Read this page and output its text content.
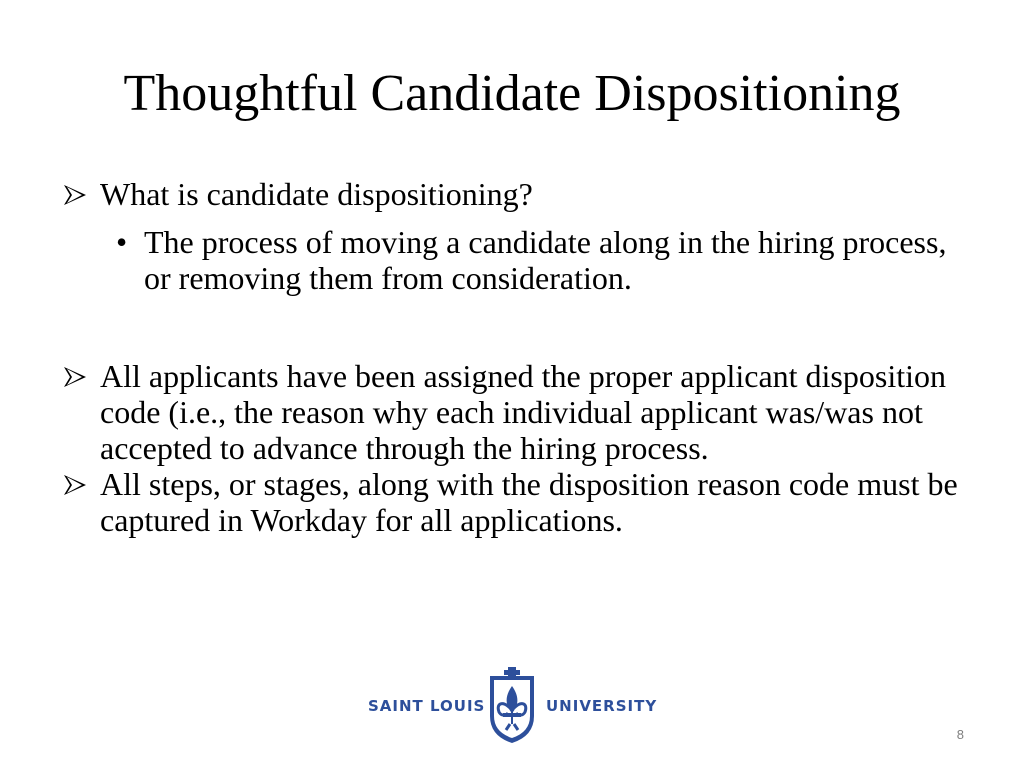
Thoughtful Candidate Dispositioning
What is candidate dispositioning?
• The process of moving a candidate along in the hiring process, or removing them from consideration.
All applicants have been assigned the proper applicant disposition code (i.e., the reason why each individual applicant was/was not accepted to advance through the hiring process.
All steps, or stages, along with the disposition reason code must be captured in Workday for all applications.
SAINT LOUIS	UNIVERSITY
8
